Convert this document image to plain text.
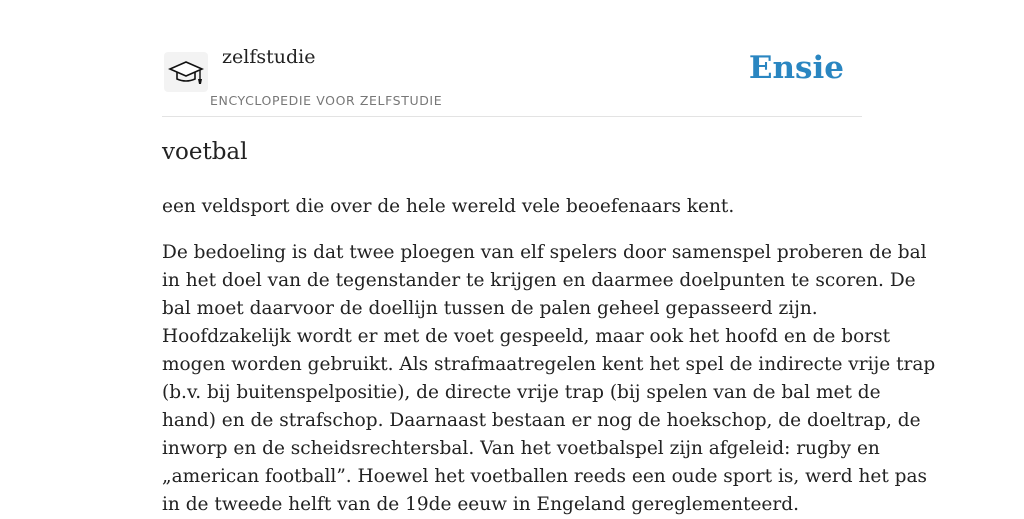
zelfstudie
ENCYCLOPEDIE VOOR ZELFSTUDIE
Ensie
voetbal
een veldsport die over de hele wereld vele beoefenaars kent.
De bedoeling is dat twee ploegen van elf spelers door samenspel proberen de bal
in het doel van de tegenstander te krijgen en daarmee doelpunten te scoren. De
bal moet daarvoor de doellijn tussen de palen geheel gepasseerd zijn.
Hoofdzakelijk wordt er met de voet gespeeld, maar ook het hoofd en de borst
mogen worden gebruikt. Als strafmaatregelen kent het spel de indirecte vrije trap
(b.v. bij buitenspelpositie), de directe vrije trap (bij spelen van de bal met de
hand) en de strafschop. Daarnaast bestaan er nog de hoekschop, de doeltrap, de
inworp en de scheidsrechtersbal. Van het voetbalspel zijn afgeleid: rugby en
„american football”. Hoewel het voetballen reeds een oude sport is, werd het pas
in de tweede helft van de 19de eeuw in Engeland gereglementeerd.
